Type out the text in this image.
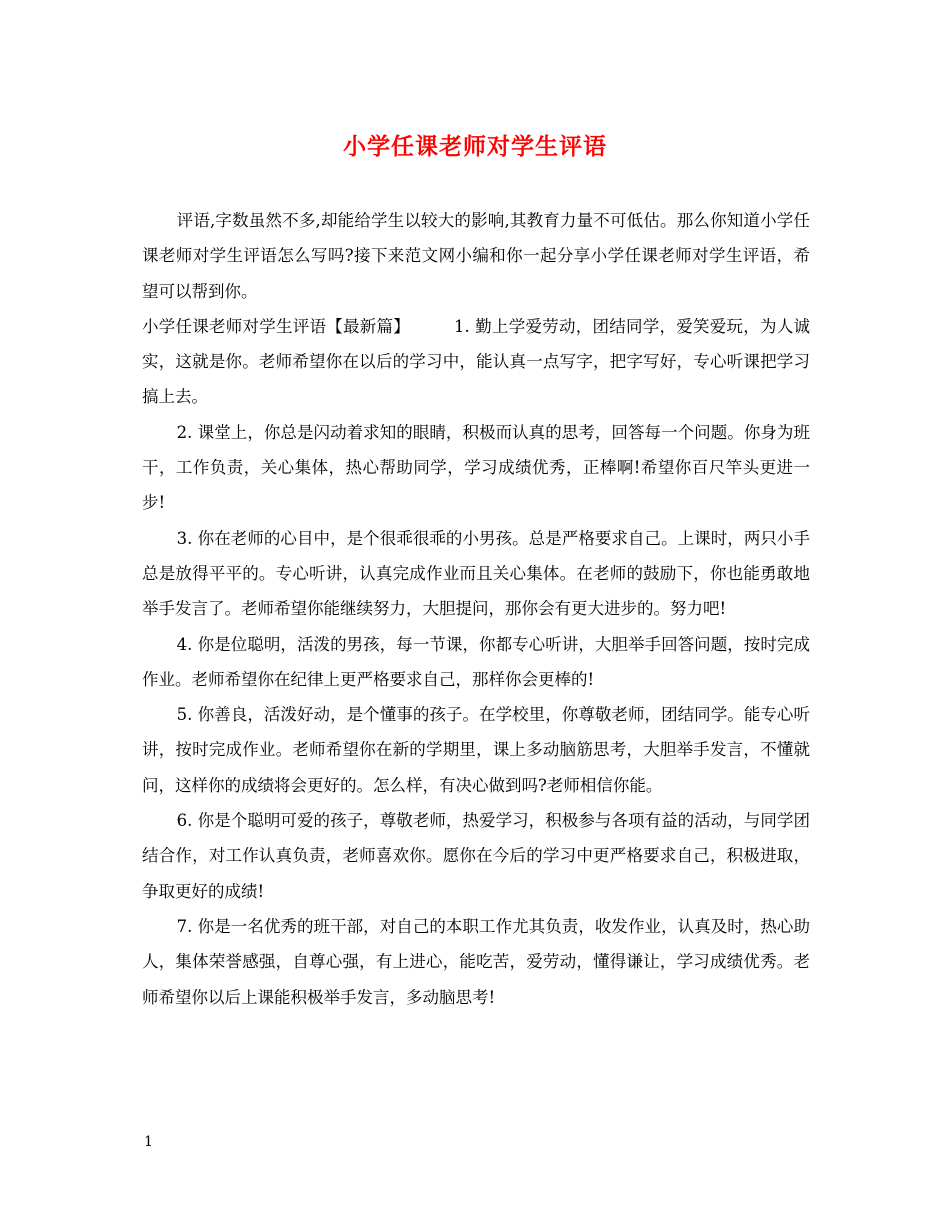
小学任课老师对学生评语

评语,字数虽然不多,却能给学生以较大的影响,其教育力量不可低估。那么你知道小学任课老师对学生评语怎么写吗?接下来范文网小编和你一起分享小学任课老师对学生评语，希望可以帮到你。

小学任课老师对学生评语【最新篇】	1. 勤上学爱劳动，团结同学，爱笑爱玩，为人诚实，这就是你。老师希望你在以后的学习中，能认真一点写字，把字写好，专心听课把学习搞上去。

2. 课堂上，你总是闪动着求知的眼睛，积极而认真的思考，回答每一个问题。你身为班干，工作负责，关心集体，热心帮助同学，学习成绩优秀，正棒啊!希望你百尺竿头更进一步!

3. 你在老师的心目中，是个很乖很乖的小男孩。总是严格要求自己。上课时，两只小手总是放得平平的。专心听讲，认真完成作业而且关心集体。在老师的鼓励下，你也能勇敢地举手发言了。老师希望你能继续努力，大胆提问，那你会有更大进步的。努力吧!

4. 你是位聪明，活泼的男孩，每一节课，你都专心听讲，大胆举手回答问题，按时完成作业。老师希望你在纪律上更严格要求自己，那样你会更棒的!

5. 你善良，活泼好动，是个懂事的孩子。在学校里，你尊敬老师，团结同学。能专心听讲，按时完成作业。老师希望你在新的学期里，课上多动脑筋思考，大胆举手发言，不懂就问，这样你的成绩将会更好的。怎么样，有决心做到吗?老师相信你能。

6. 你是个聪明可爱的孩子，尊敬老师，热爱学习，积极参与各项有益的活动，与同学团结合作，对工作认真负责，老师喜欢你。愿你在今后的学习中更严格要求自己，积极进取，争取更好的成绩!

7. 你是一名优秀的班干部，对自己的本职工作尤其负责，收发作业，认真及时，热心助人，集体荣誉感强，自尊心强，有上进心，能吃苦，爱劳动，懂得谦让，学习成绩优秀。老师希望你以后上课能积极举手发言，多动脑思考!

1
